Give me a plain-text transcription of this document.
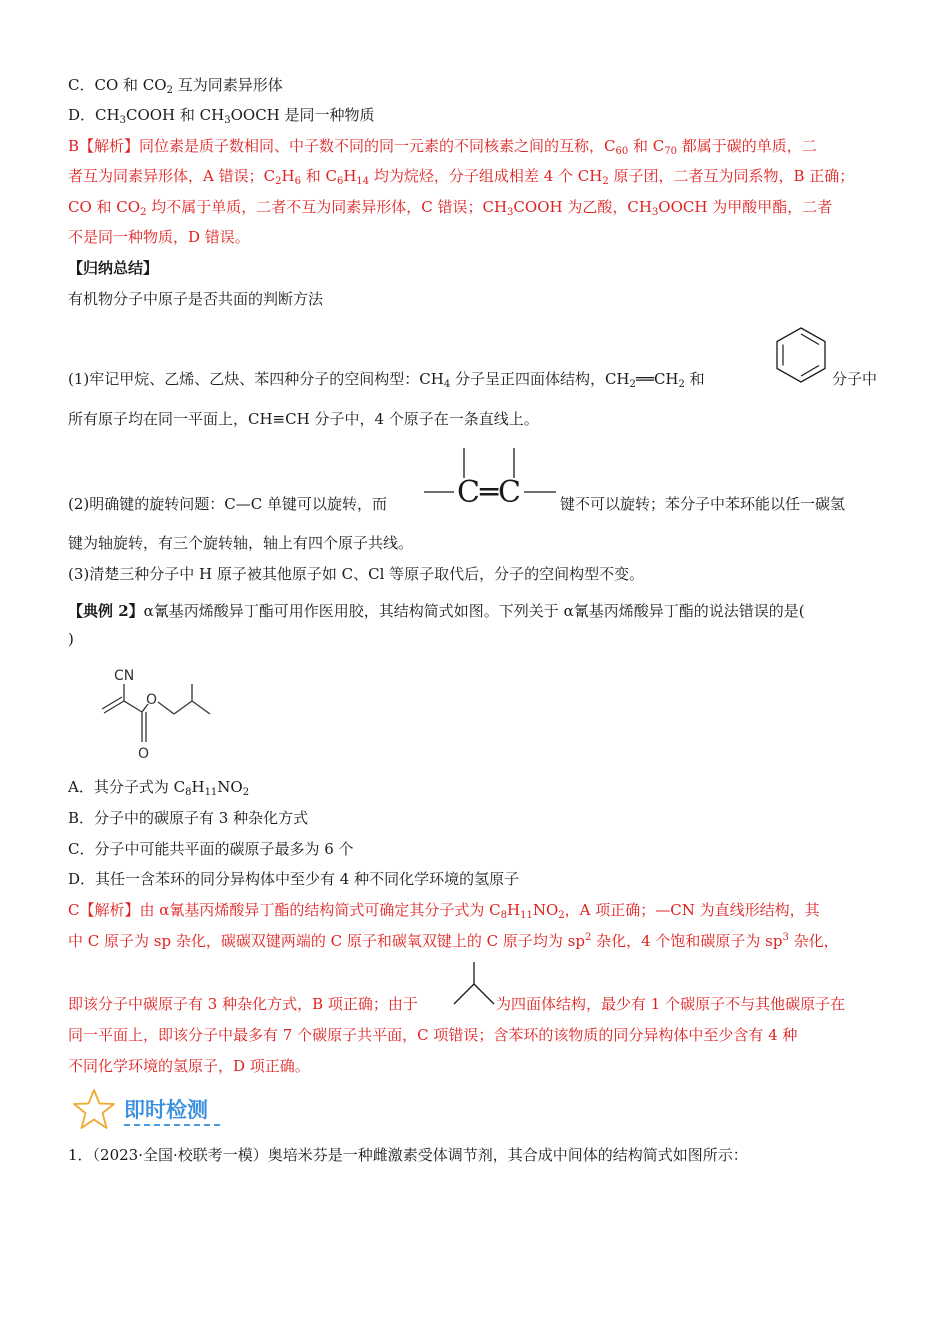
C．CO 和 $CO_2$ 互为同素异形体
D．$CH_3COOH$ 和 $CH_3OOCH$ 是同一种物质
B【解析】同位素是质子数相同、中子数不同的同一元素的不同核素之间的互称，$C_{60}$ 和 $C_{70}$ 都属于碳的单质，二
者互为同素异形体，A 错误；$C_2H_6$ 和 $C_6H_{14}$ 均为烷烃，分子组成相差 4 个 $CH_2$ 原子团，二者互为同系物，B 正确；
CO 和 $CO_2$ 均不属于单质，二者不互为同素异形体，C 错误；$CH_3COOH$ 为乙酸，$CH_3OOCH$ 为甲酸甲酯，二者
不是同一种物质，D 错误。
【归纳总结】
有机物分子中原子是否共面的判断方法
(1)牢记甲烷、乙烯、乙炔、苯四种分子的空间构型：$CH_4$ 分子呈正四面体结构，$CH_2══CH_2$ 和	分子中
所有原子均在同一平面上，CH≡CH 分子中，4 个原子在一条直线上。
(2)明确键的旋转问题：C—C 单键可以旋转，而	C═C	键不可以旋转；苯分子中苯环能以任一碳氢
键为轴旋转，有三个旋转轴，轴上有四个原子共线。
(3)清楚三种分子中 H 原子被其他原子如 C、Cl 等原子取代后，分子的空间构型不变。
【典例 2】α氰基丙烯酸异丁酯可用作医用胶，其结构简式如图。下列关于 α氰基丙烯酸异丁酯的说法错误的是(
)
CN
O
O
A．其分子式为 $C_8H_{11}NO_2$
B．分子中的碳原子有 3 种杂化方式
C．分子中可能共平面的碳原子最多为 6 个
D．其任一含苯环的同分异构体中至少有 4 种不同化学环境的氢原子
C【解析】由 α氰基丙烯酸异丁酯的结构简式可确定其分子式为 $C_8H_{11}NO_2$，A 项正确；—CN 为直线形结构，其
中 C 原子为 sp 杂化，碳碳双键两端的 C 原子和碳氧双键上的 C 原子均为 $sp^2$ 杂化，4 个饱和碳原子为 $sp^3$ 杂化，
即该分子中碳原子有 3 种杂化方式，B 项正确；由于	为四面体结构，最少有 1 个碳原子不与其他碳原子在
同一平面上，即该分子中最多有 7 个碳原子共平面，C 项错误；含苯环的该物质的同分异构体中至少含有 4 种
不同化学环境的氢原子，D 项正确。
即时检测
1．（2023·全国·校联考一模）奥培米芬是一种雌激素受体调节剂，其合成中间体的结构简式如图所示：
